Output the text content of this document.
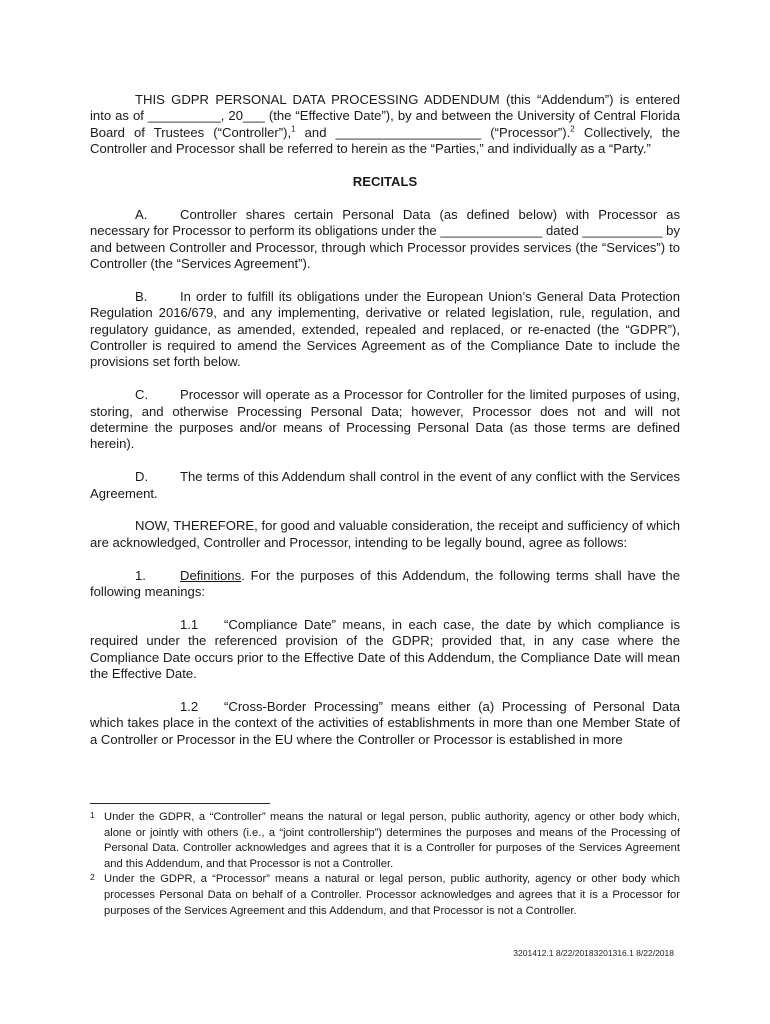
THIS GDPR PERSONAL DATA PROCESSING ADDENDUM (this “Addendum”) is entered into as of __________, 20___ (the “Effective Date”), by and between the University of Central Florida Board of Trustees (“Controller”),$^1$ and ____________________ (“Processor”).$^2$ Collectively, the Controller and Processor shall be referred to herein as the “Parties,” and individually as a “Party.”

RECITALS

A. Controller shares certain Personal Data (as defined below) with Processor as necessary for Processor to perform its obligations under the ______________ dated ___________ by and between Controller and Processor, through which Processor provides services (the “Services”) to Controller (the “Services Agreement”).

B. In order to fulfill its obligations under the European Union’s General Data Protection Regulation 2016/679, and any implementing, derivative or related legislation, rule, regulation, and regulatory guidance, as amended, extended, repealed and replaced, or re-enacted (the “GDPR”), Controller is required to amend the Services Agreement as of the Compliance Date to include the provisions set forth below.

C. Processor will operate as a Processor for Controller for the limited purposes of using, storing, and otherwise Processing Personal Data; however, Processor does not and will not determine the purposes and/or means of Processing Personal Data (as those terms are defined herein).

D. The terms of this Addendum shall control in the event of any conflict with the Services Agreement.

NOW, THEREFORE, for good and valuable consideration, the receipt and sufficiency of which are acknowledged, Controller and Processor, intending to be legally bound, agree as follows:

1.	Definitions. For the purposes of this Addendum, the following terms shall have the following meanings:

1.1 “Compliance Date” means, in each case, the date by which compliance is required under the referenced provision of the GDPR; provided that, in any case where the Compliance Date occurs prior to the Effective Date of this Addendum, the Compliance Date will mean the Effective Date.

1.2 “Cross-Border Processing” means either (a) Processing of Personal Data which takes place in the context of the activities of establishments in more than one Member State of a Controller or Processor in the EU where the Controller or Processor is established in more

1 Under the GDPR, a “Controller” means the natural or legal person, public authority, agency or other body which, alone or jointly with others (i.e., a “joint controllership”) determines the purposes and means of the Processing of Personal Data. Controller acknowledges and agrees that it is a Controller for purposes of the Services Agreement and this Addendum, and that Processor is not a Controller.

2 Under the GDPR, a “Processor” means a natural or legal person, public authority, agency or other body which processes Personal Data on behalf of a Controller. Processor acknowledges and agrees that it is a Processor for purposes of the Services Agreement and this Addendum, and that Processor is not a Controller.

3201412.1 8/22/20183201316.1 8/22/2018
